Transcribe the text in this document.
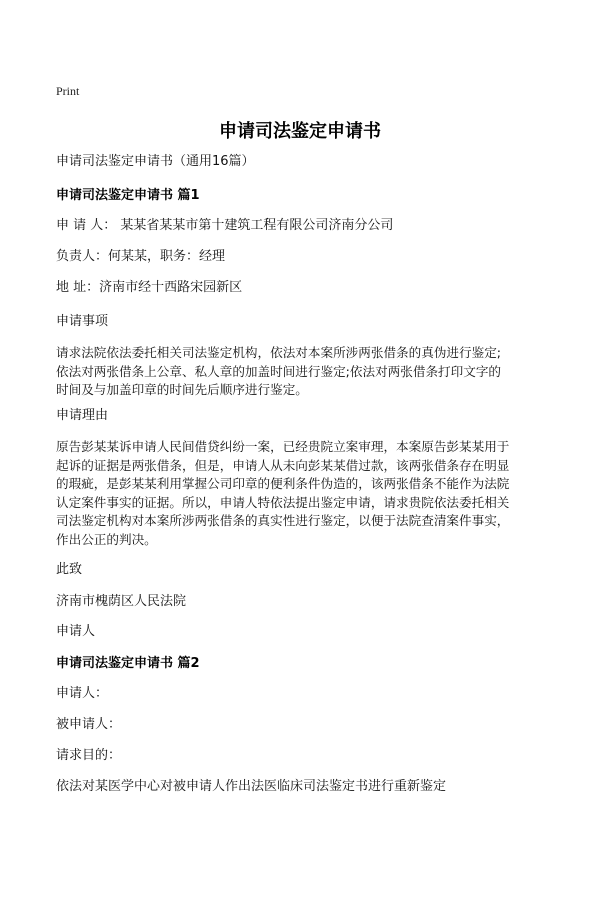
Print
申请司法鉴定申请书
申请司法鉴定申请书（通用16篇）
申请司法鉴定申请书 篇1
申 请 人： 某某省某某市第十建筑工程有限公司济南分公司
负责人：何某某，职务：经理
地 址：济南市经十西路宋园新区
申请事项
请求法院依法委托相关司法鉴定机构，依法对本案所涉两张借条的真伪进行鉴定;
依法对两张借条上公章、私人章的加盖时间进行鉴定;依法对两张借条打印文字的
时间及与加盖印章的时间先后顺序进行鉴定。
申请理由
原告彭某某诉申请人民间借贷纠纷一案，已经贵院立案审理，本案原告彭某某用于
起诉的证据是两张借条，但是，申请人从未向彭某某借过款，该两张借条存在明显
的瑕疵，是彭某某利用掌握公司印章的便利条件伪造的，该两张借条不能作为法院
认定案件事实的证据。所以，申请人特依法提出鉴定申请，请求贵院依法委托相关
司法鉴定机构对本案所涉两张借条的真实性进行鉴定，以便于法院查清案件事实，
作出公正的判决。
此致
济南市槐荫区人民法院
申请人
申请司法鉴定申请书 篇2
申请人：
被申请人：
请求目的：
依法对某医学中心对被申请人作出法医临床司法鉴定书进行重新鉴定
